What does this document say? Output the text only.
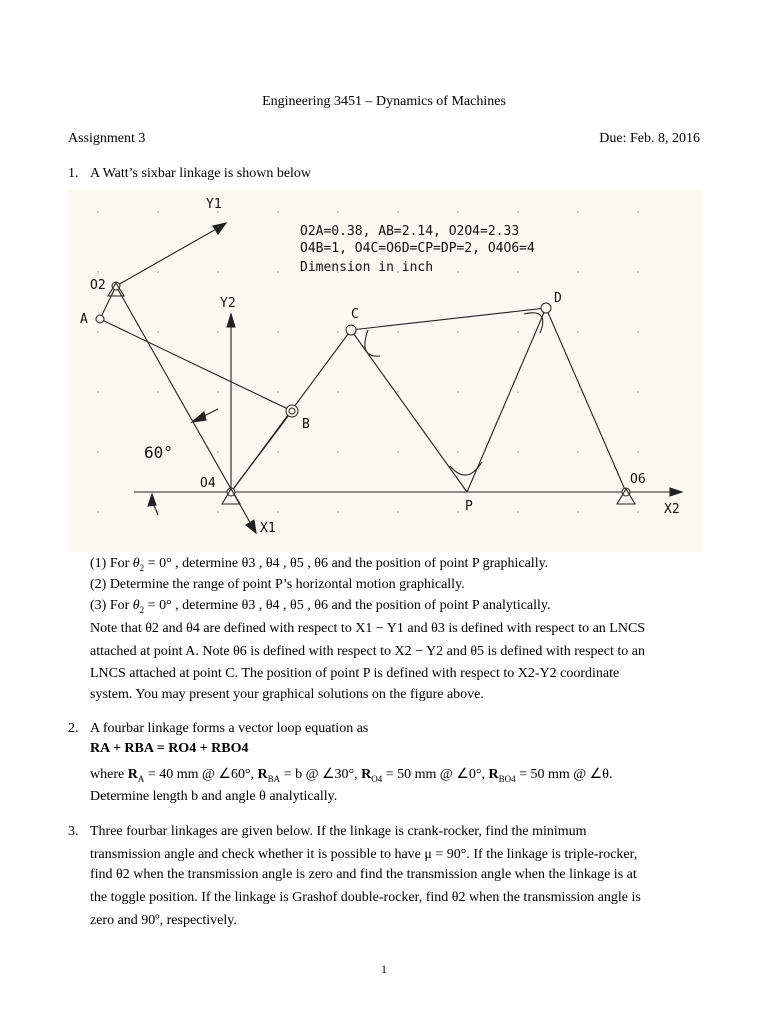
Engineering 3451 – Dynamics of Machines
Assignment 3	Due: Feb. 8, 2016
1. A Watt’s sixbar linkage is shown below
O2A=0.38, AB=2.14, O2O4=2.33
O4B=1, O4C=O6D=CP=DP=2, O4O6=4
Dimension in inch
Y1
Y2
O2
A
B
C
D
P
O4	O6
X1
X2
60°
(1) For $\theta_2 = 0^\circ$ , determine θ3 , θ4 , θ5 , θ6 and the position of point P graphically.
(2) Determine the range of point P’s horizontal motion graphically.
(3) For $\theta_2 = 0^\circ$ , determine θ3 , θ4 , θ5 , θ6 and the position of point P analytically.
Note that θ2 and θ4 are defined with respect to X1 − Y1 and θ3 is defined with respect to an LNCS
attached at point A. Note θ6 is defined with respect to X2 − Y2 and θ5 is defined with respect to an
LNCS attached at point C. The position of point P is defined with respect to X2-Y2 coordinate
system. You may present your graphical solutions on the figure above.
2. A fourbar linkage forms a vector loop equation as
RA + RBA = RO4 + RBO4
where $R_A = 40$ mm @ ∠60°, $R_{BA} = b$ @ ∠30°, $R_{O4} = 50$ mm @ ∠0°, $R_{BO4} = 50$ mm @ ∠θ.
Determine length b and angle θ analytically.
3. Three fourbar linkages are given below. If the linkage is crank-rocker, find the minimum
transmission angle and check whether it is possible to have μ = 90°. If the linkage is triple-rocker,
find θ2 when the transmission angle is zero and find the transmission angle when the linkage is at
the toggle position. If the linkage is Grashof double-rocker, find θ2 when the transmission angle is
zero and 90º, respectively.
1
